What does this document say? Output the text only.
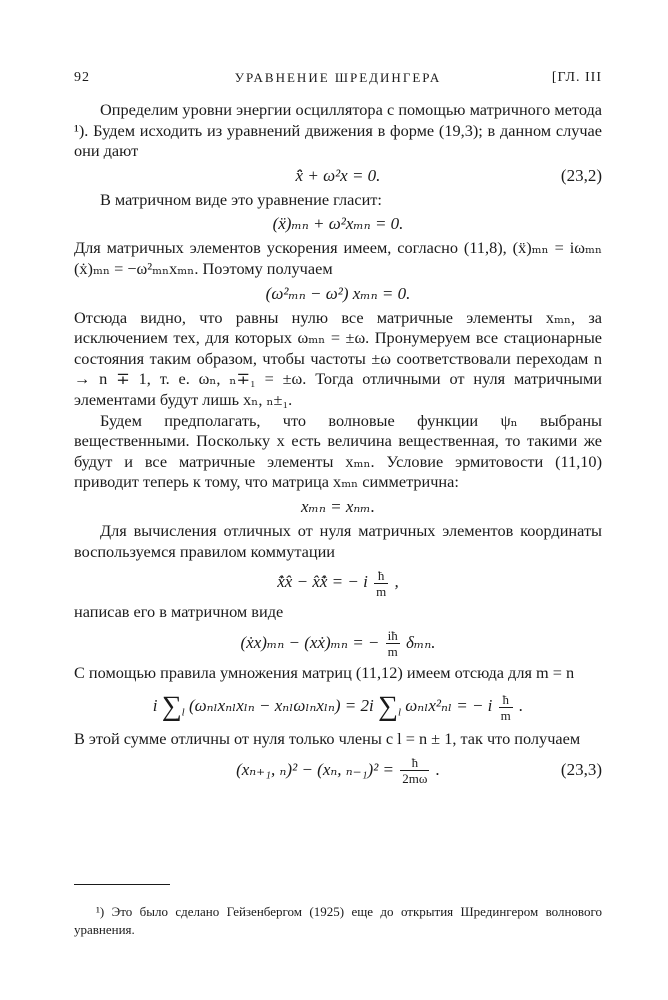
92	УРАВНЕНИЕ ШРЕДИНГЕРА	[ГЛ. III

Определим уровни энергии осциллятора с помощью матричного метода ¹). Будем исходить из уравнений движения в форме (19,3); в данном случае они дают

x̂̈ + ω²x = 0.	(23,2)

В матричном виде это уравнение гласит:

(ẍ)ₘₙ + ω²xₘₙ = 0.

Для матричных элементов ускорения имеем, согласно (11,8), (ẍ)ₘₙ = iωₘₙ (ẋ)ₘₙ = −ω²ₘₙxₘₙ. Поэтому получаем

(ω²ₘₙ − ω²) xₘₙ = 0.

Отсюда видно, что равны нулю все матричные элементы xₘₙ, за исключением тех, для которых ωₘₙ = ±ω. Пронумеруем все стационарные состояния таким образом, чтобы частоты ±ω соответствовали переходам n → n ∓ 1, т. е. ωₙ, ₙ∓₁ = ±ω. Тогда отличными от нуля матричными элементами будут лишь xₙ, ₙ±₁.

Будем предполагать, что волновые функции ψₙ выбраны вещественными. Поскольку x есть величина вещественная, то такими же будут и все матричные элементы xₘₙ. Условие эрмитовости (11,10) приводит теперь к тому, что матрица xₘₙ симметрична:

xₘₙ = xₙₘ.

Для вычисления отличных от нуля матричных элементов координаты воспользуемся правилом коммутации

x̂̇x̂ − x̂x̂̇ = − i $\frac{ħ}{m}$ ,

написав его в матричном виде

(ẋx)ₘₙ − (xẋ)ₘₙ = − $\frac{iħ}{m} \delta_{mn}$.

С помощью правила умножения матриц (11,12) имеем отсюда для m = n

i $\sum_l$ (ωₙₗxₙₗxₗₙ − xₙₗωₗₙxₗₙ) = 2i $\sum_l$ ωₙₗx²ₙₗ = − i $\frac{ħ}{m}$ .

В этой сумме отличны от нуля только члены с l = n ± 1, так что получаем

(xₙ₊₁, ₙ)² − (xₙ, $_{n-1})^2 = \frac{ħ}{2m\omega}$ .	(23,3)

¹) Это было сделано Гейзенбергом (1925) еще до открытия Шредингером волнового уравнения.
